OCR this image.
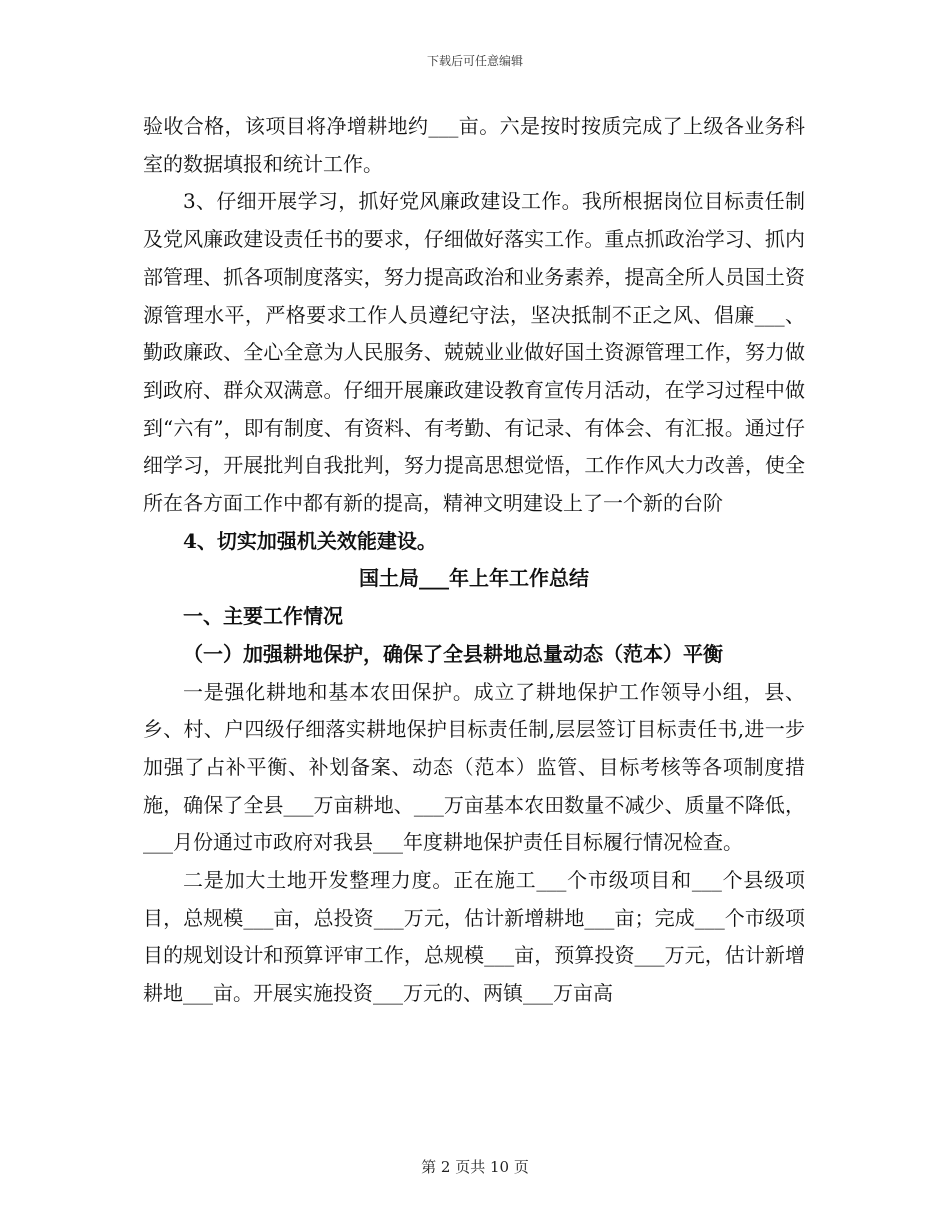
下载后可任意编辑

验收合格，该项目将净增耕地约___亩。六是按时按质完成了上级各业务科室的数据填报和统计工作。

3、仔细开展学习，抓好党风廉政建设工作。我所根据岗位目标责任制及党风廉政建设责任书的要求，仔细做好落实工作。重点抓政治学习、抓内部管理、抓各项制度落实，努力提高政治和业务素养，提高全所人员国土资源管理水平，严格要求工作人员遵纪守法，坚决抵制不正之风、倡廉___、勤政廉政、全心全意为人民服务、兢兢业业做好国土资源管理工作，努力做到政府、群众双满意。仔细开展廉政建设教育宣传月活动，在学习过程中做到“六有”，即有制度、有资料、有考勤、有记录、有体会、有汇报。通过仔细学习，开展批判自我批判，努力提高思想觉悟，工作作风大力改善，使全所在各方面工作中都有新的提高，精神文明建设上了一个新的台阶

4、切实加强机关效能建设。

国土局___年上年工作总结

一、主要工作情况

（一）加强耕地保护，确保了全县耕地总量动态（范本）平衡

一是强化耕地和基本农田保护。成立了耕地保护工作领导小组，县、乡、村、户四级仔细落实耕地保护目标责任制,层层签订目标责任书,进一步加强了占补平衡、补划备案、动态（范本）监管、目标考核等各项制度措施，确保了全县___万亩耕地、___万亩基本农田数量不减少、质量不降低，___月份通过市政府对我县___年度耕地保护责任目标履行情况检查。

二是加大土地开发整理力度。正在施工___个市级项目和___个县级项目，总规模___亩，总投资___万元，估计新增耕地___亩；完成___个市级项目的规划设计和预算评审工作，总规模___亩，预算投资___万元，估计新增耕地___亩。开展实施投资___万元的、两镇___万亩高

第 2 页共 10 页
